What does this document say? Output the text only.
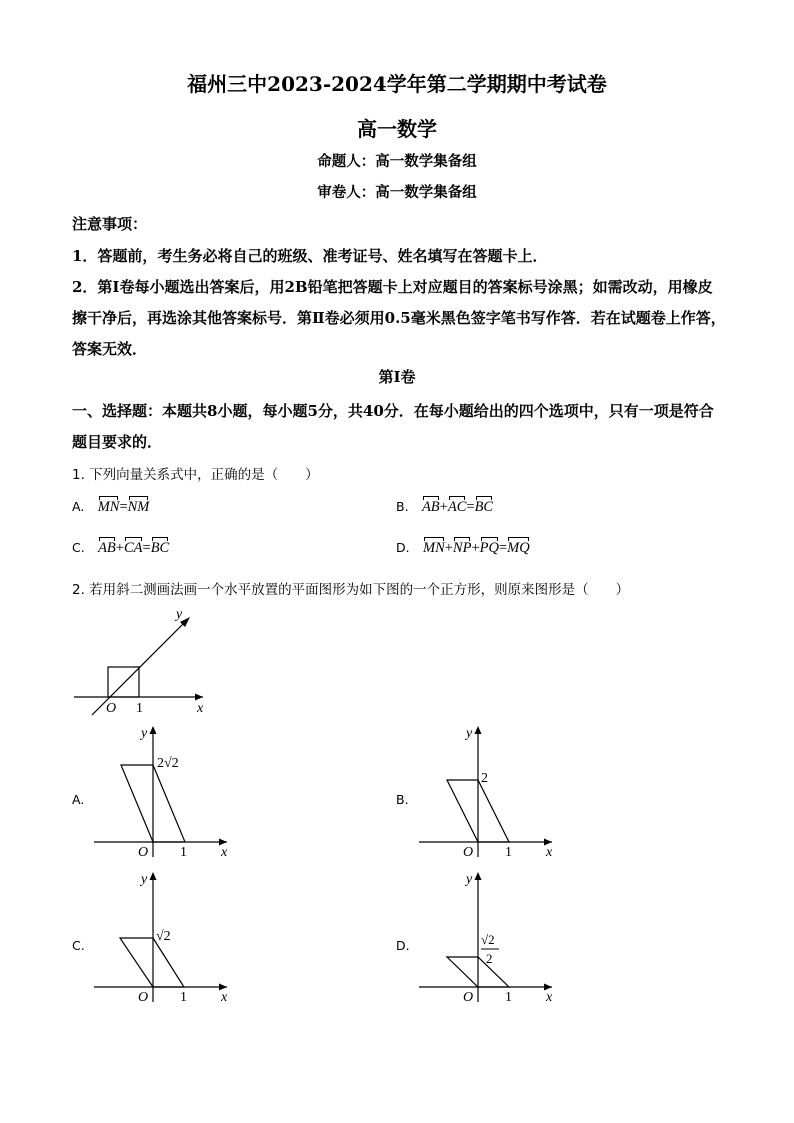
福州三中2023-2024学年第二学期期中考试卷
高一数学
命题人：高一数学集备组
审卷人：高一数学集备组
注意事项：
1．答题前，考生务必将自己的班级、准考证号、姓名填写在答题卡上．
2．第Ⅰ卷每小题选出答案后，用2B铅笔把答题卡上对应题目的答案标号涂黑；如需改动，用橡皮擦干净后，再选涂其他答案标号．第Ⅱ卷必须用0.5毫米黑色签字笔书写作答．若在试题卷上作答，答案无效．
第Ⅰ卷
一、选择题：本题共8小题，每小题5分，共40分．在每小题给出的四个选项中，只有一项是符合题目要求的．
1. 下列向量关系式中，正确的是（　　）
A. MN=NM	B. AB+AC=BC
C. AB+CA=BC	D. MN+NP+PQ=MQ
2. 若用斜二测画法画一个水平放置的平面图形为如下图的一个正方形，则原来图形是（　　）
O 1	x
y
A.
2√2
O 1 x
y
B.
2
O 1 x
y
C.
√2
O 1 x
y
D.	√2
2
O 1 x
y
